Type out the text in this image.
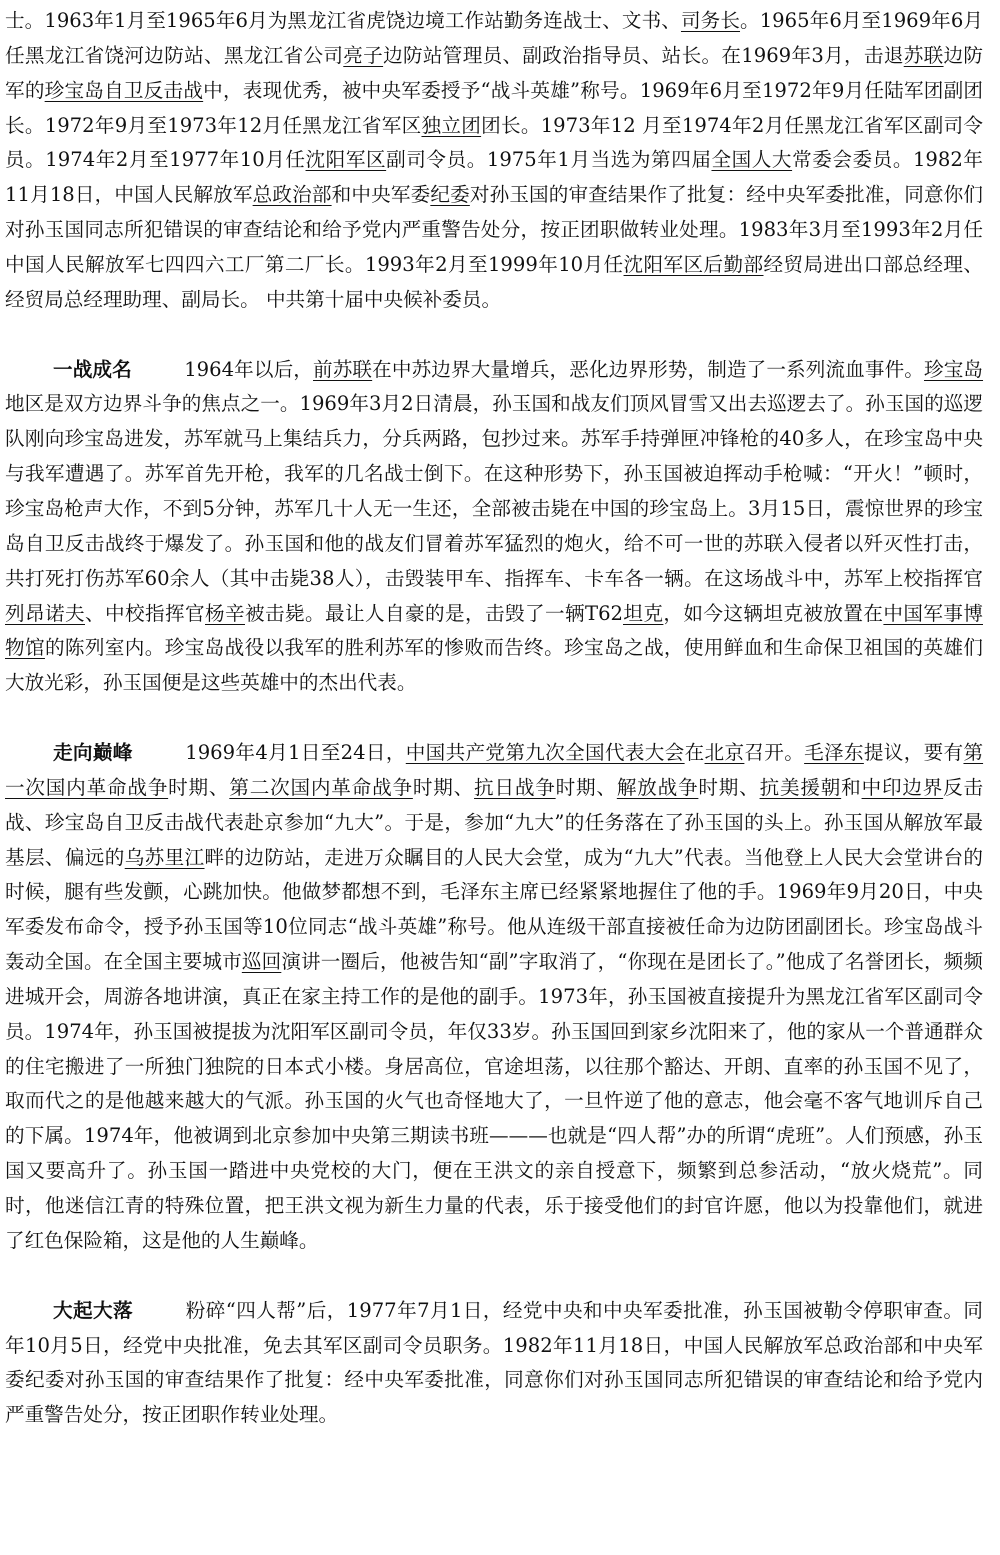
士。1963年1月至1965年6月为黑龙江省虎饶边境工作站勤务连战士、文书、司务长。1965年6月至1969年6月任黑龙江省饶河边防站、黑龙江省公司亮子边防站管理员、副政治指导员、站长。在1969年3月，击退苏联边防军的珍宝岛自卫反击战中，表现优秀，被中央军委授予“战斗英雄”称号。1969年6月至1972年9月任陆军团副团长。1972年9月至1973年12月任黑龙江省军区独立团团长。1973年12 月至1974年2月任黑龙江省军区副司令员。1974年2月至1977年10月任沈阳军区副司令员。1975年1月当选为第四届全国人大常委会委员。1982年11月18日，中国人民解放军总政治部和中央军委纪委对孙玉国的审查结果作了批复：经中央军委批准，同意你们对孙玉国同志所犯错误的审查结论和给予党内严重警告处分，按正团职做转业处理。1983年3月至1993年2月任中国人民解放军七四四六工厂第二厂长。1993年2月至1999年10月任沈阳军区后勤部经贸局进出口部总经理、经贸局总经理助理、副局长。 中共第十届中央候补委员。

一战成名	1964年以后，前苏联在中苏边界大量增兵，恶化边界形势，制造了一系列流血事件。珍宝岛地区是双方边界斗争的焦点之一。1969年3月2日清晨，孙玉国和战友们顶风冒雪又出去巡逻去了。孙玉国的巡逻队刚向珍宝岛进发，苏军就马上集结兵力，分兵两路，包抄过来。苏军手持弹匣冲锋枪的40多人，在珍宝岛中央与我军遭遇了。苏军首先开枪，我军的几名战士倒下。在这种形势下，孙玉国被迫挥动手枪喊：“开火！”顿时，珍宝岛枪声大作，不到5分钟，苏军几十人无一生还，全部被击毙在中国的珍宝岛上。3月15日，震惊世界的珍宝岛自卫反击战终于爆发了。孙玉国和他的战友们冒着苏军猛烈的炮火，给不可一世的苏联入侵者以歼灭性打击，共打死打伤苏军60余人（其中击毙38人），击毁装甲车、指挥车、卡车各一辆。在这场战斗中，苏军上校指挥官列昂诺夫、中校指挥官杨辛被击毙。最让人自豪的是，击毁了一辆T62坦克，如今这辆坦克被放置在中国军事博物馆的陈列室内。珍宝岛战役以我军的胜利苏军的惨败而告终。珍宝岛之战，使用鲜血和生命保卫祖国的英雄们大放光彩，孙玉国便是这些英雄中的杰出代表。

走向巅峰	1969年4月1日至24日，中国共产党第九次全国代表大会在北京召开。毛泽东提议，要有第一次国内革命战争时期、第二次国内革命战争时期、抗日战争时期、解放战争时期、抗美援朝和中印边界反击战、珍宝岛自卫反击战代表赴京参加“九大”。于是，参加“九大”的任务落在了孙玉国的头上。孙玉国从解放军最基层、偏远的乌苏里江畔的边防站，走进万众瞩目的人民大会堂，成为“九大”代表。当他登上人民大会堂讲台的时候，腿有些发颤，心跳加快。他做梦都想不到，毛泽东主席已经紧紧地握住了他的手。1969年9月20日，中央军委发布命令，授予孙玉国等10位同志“战斗英雄”称号。他从连级干部直接被任命为边防团副团长。珍宝岛战斗轰动全国。在全国主要城市巡回演讲一圈后，他被告知“副”字取消了，“你现在是团长了。”他成了名誉团长，频频进城开会，周游各地讲演，真正在家主持工作的是他的副手。1973年，孙玉国被直接提升为黑龙江省军区副司令员。1974年，孙玉国被提拔为沈阳军区副司令员，年仅33岁。孙玉国回到家乡沈阳来了，他的家从一个普通群众的住宅搬进了一所独门独院的日本式小楼。身居高位，官途坦荡，以往那个豁达、开朗、直率的孙玉国不见了，取而代之的是他越来越大的气派。孙玉国的火气也奇怪地大了，一旦忤逆了他的意志，他会毫不客气地训斥自己的下属。1974年，他被调到北京参加中央第三期读书班———也就是“四人帮”办的所谓“虎班”。人们预感，孙玉国又要高升了。孙玉国一踏进中央党校的大门，便在王洪文的亲自授意下，频繁到总参活动，“放火烧荒”。同时，他迷信江青的特殊位置，把王洪文视为新生力量的代表，乐于接受他们的封官许愿，他以为投靠他们，就进了红色保险箱，这是他的人生巅峰。

大起大落	粉碎“四人帮”后，1977年7月1日，经党中央和中央军委批准，孙玉国被勒令停职审查。同年10月5日，经党中央批准，免去其军区副司令员职务。1982年11月18日，中国人民解放军总政治部和中央军委纪委对孙玉国的审查结果作了批复：经中央军委批准，同意你们对孙玉国同志所犯错误的审查结论和给予党内严重警告处分，按正团职作转业处理。
